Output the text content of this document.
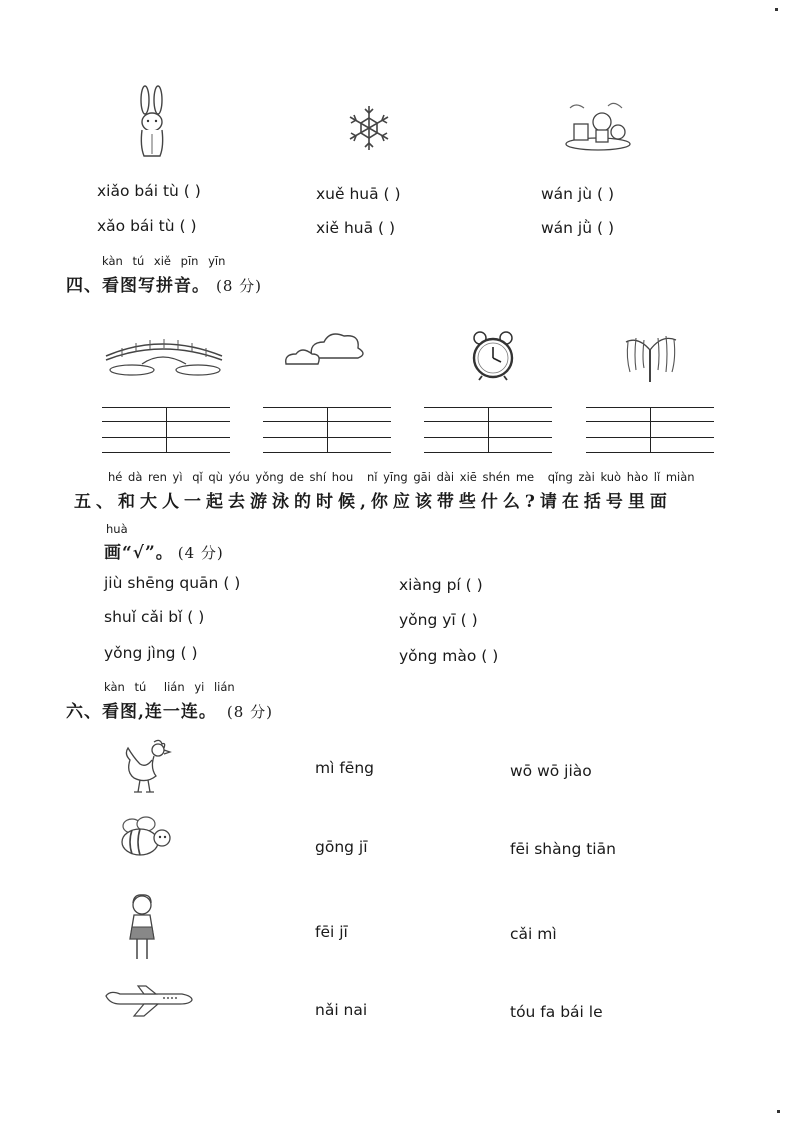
xiǎo bái tù ( )
xǎo bái tù ( )
xuě huā ( )
xiě huā ( )
wán jù ( )
wán jǜ ( )
kàn tú xiě pīn yīn
四、看图写拼音。 (8 分)
hé dà ren yì qǐ qù yóu yǒng de shí hou nǐ yīng gāi dài xiē shén me qǐng zài kuò hào lǐ miàn
五、和大人一起去游泳的时候,你应该带些什么?请在括号里面
huà
画“√”。 (4 分)
jiù shēng quān ( )	xiàng pí ( )
shuǐ cǎi bǐ ( )	yǒng yī ( )
yǒng jìng ( )	yǒng mào ( )
kàn tú lián yi lián
六、看图,连一连。 (8 分)
mì fēng
gōng jī
fēi jī
nǎi nai
wō wō jiào
fēi shàng tiān
cǎi mì
tóu fa bái le
